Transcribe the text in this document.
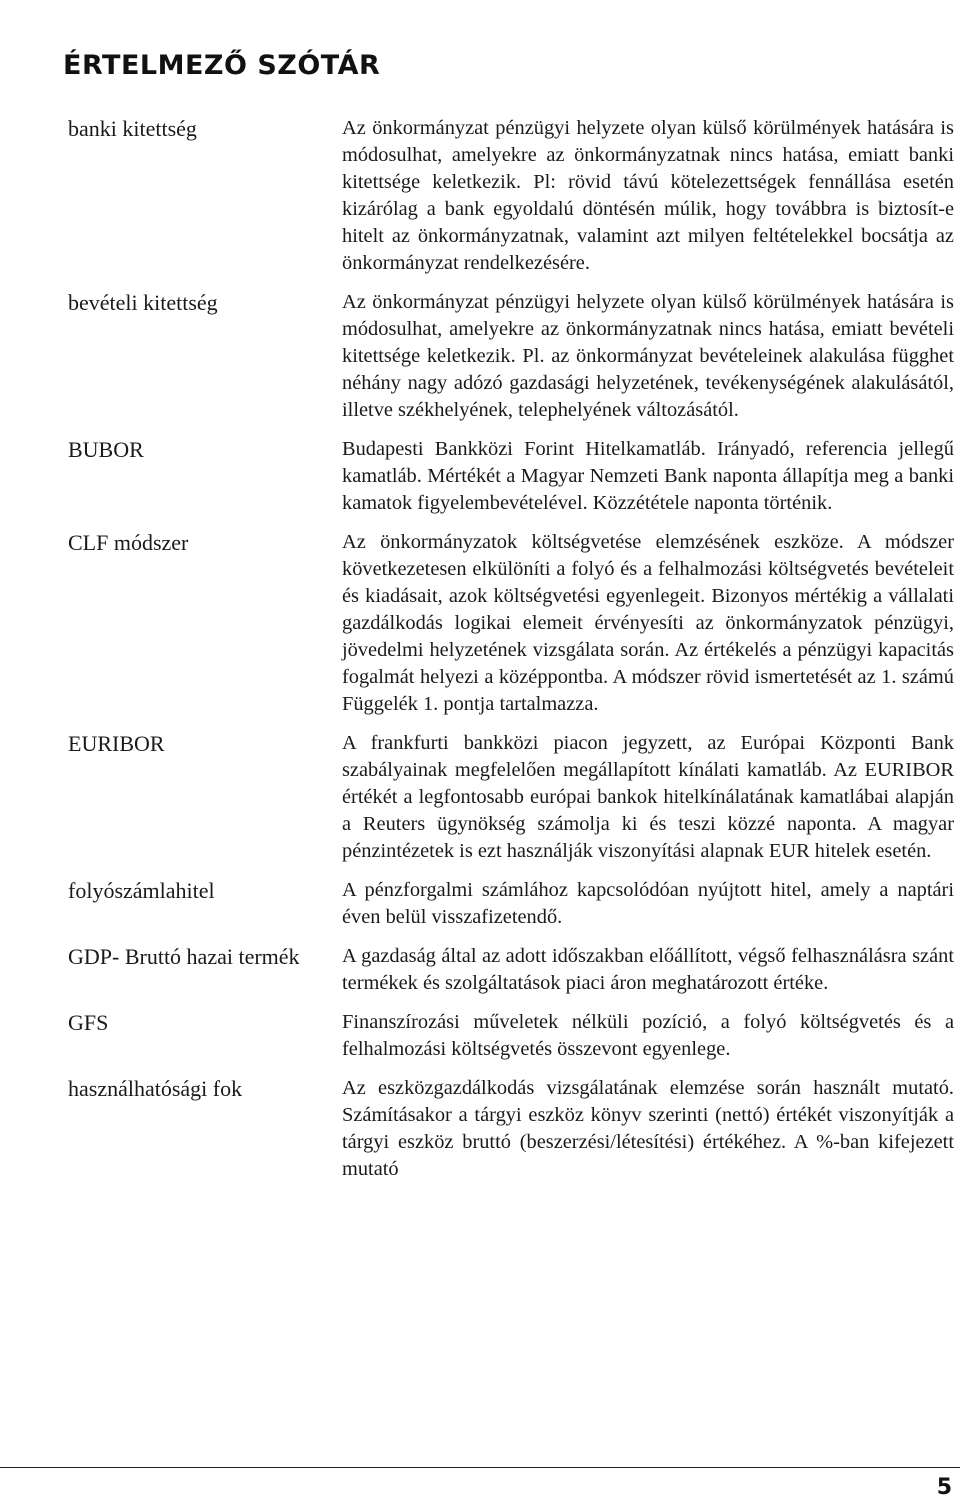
ÉRTELMEZŐ SZÓTÁR
banki kitettség	Az önkormányzat pénzügyi helyzete olyan külső körülmények hatására is módosulhat, amelyekre az önkormányzatnak nincs hatása, emiatt banki kitettsége keletkezik. Pl: rövid távú kötelezettségek fennállása esetén kizárólag a bank egyoldalú döntésén múlik, hogy továbbra is biztosít-e hitelt az önkormányzatnak, valamint azt milyen feltételekkel bocsátja az önkormányzat rendelkezésére.
bevételi kitettség	Az önkormányzat pénzügyi helyzete olyan külső körülmények hatására is módosulhat, amelyekre az önkormányzatnak nincs hatása, emiatt bevételi kitettsége keletkezik. Pl. az önkormányzat bevételeinek alakulása függhet néhány nagy adózó gazdasági helyzetének, tevékenységének alakulásától, illetve székhelyének, telephelyének változásától.
BUBOR	Budapesti Bankközi Forint Hitelkamatláb. Irányadó, referencia jellegű kamatláb. Mértékét a Magyar Nemzeti Bank naponta állapítja meg a banki kamatok figyelembevételével. Közzététele naponta történik.
CLF módszer	Az önkormányzatok költségvetése elemzésének eszköze. A módszer következetesen elkülöníti a folyó és a felhalmozási költségvetés bevételeit és kiadásait, azok költségvetési egyenlegeit. Bizonyos mértékig a vállalati gazdálkodás logikai elemeit érvényesíti az önkormányzatok pénzügyi, jövedelmi helyzetének vizsgálata során. Az értékelés a pénzügyi kapacitás fogalmát helyezi a középpontba. A módszer rövid ismertetését az 1. számú Függelék 1. pontja tartalmazza.
EURIBOR	A frankfurti bankközi piacon jegyzett, az Európai Központi Bank szabályainak megfelelően megállapított kínálati kamatláb. Az EURIBOR értékét a legfontosabb európai bankok hitelkínálatának kamatlábai alapján a Reuters ügynökség számolja ki és teszi közzé naponta. A magyar pénzintézetek is ezt használják viszonyítási alapnak EUR hitelek esetén.
folyószámlahitel	A pénzforgalmi számlához kapcsolódóan nyújtott hitel, amely a naptári éven belül visszafizetendő.
GDP- Bruttó hazai termék	A gazdaság által az adott időszakban előállított, végső felhasználásra szánt termékek és szolgáltatások piaci áron meghatározott értéke.
GFS	Finanszírozási műveletek nélküli pozíció, a folyó költségvetés és a felhalmozási költségvetés összevont egyenlege.
használhatósági fok	Az eszközgazdálkodás vizsgálatának elemzése során használt mutató. Számításakor a tárgyi eszköz könyv szerinti (nettó) értékét viszonyítják a tárgyi eszköz bruttó (beszerzési/létesítési) értékéhez. A %-ban kifejezett mutató
5
